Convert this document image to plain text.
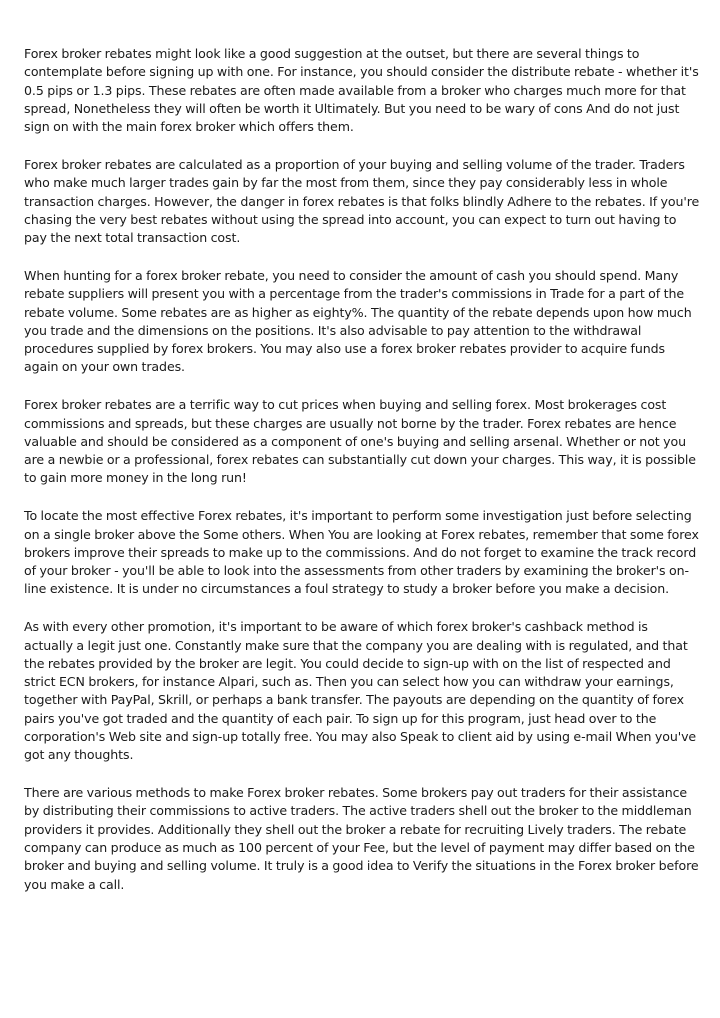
Forex broker rebates might look like a good suggestion at the outset, but there are several things to contemplate before signing up with one. For instance, you should consider the distribute rebate - whether it's 0.5 pips or 1.3 pips. These rebates are often made available from a broker who charges much more for that spread, Nonetheless they will often be worth it Ultimately. But you need to be wary of cons And do not just sign on with the main forex broker which offers them.

Forex broker rebates are calculated as a proportion of your buying and selling volume of the trader. Traders who make much larger trades gain by far the most from them, since they pay considerably less in whole transaction charges. However, the danger in forex rebates is that folks blindly Adhere to the rebates. If you're chasing the very best rebates without using the spread into account, you can expect to turn out having to pay the next total transaction cost.

When hunting for a forex broker rebate, you need to consider the amount of cash you should spend. Many rebate suppliers will present you with a percentage from the trader's commissions in Trade for a part of the rebate volume. Some rebates are as higher as eighty%. The quantity of the rebate depends upon how much you trade and the dimensions on the positions. It's also advisable to pay attention to the withdrawal procedures supplied by forex brokers. You may also use a forex broker rebates provider to acquire funds again on your own trades.

Forex broker rebates are a terrific way to cut prices when buying and selling forex. Most brokerages cost commissions and spreads, but these charges are usually not borne by the trader. Forex rebates are hence valuable and should be considered as a component of one's buying and selling arsenal. Whether or not you are a newbie or a professional, forex rebates can substantially cut down your charges. This way, it is possible to gain more money in the long run!

To locate the most effective Forex rebates, it's important to perform some investigation just before selecting on a single broker above the Some others. When You are looking at Forex rebates, remember that some forex brokers improve their spreads to make up to the commissions. And do not forget to examine the track record of your broker - you'll be able to look into the assessments from other traders by examining the broker's on-line existence. It is under no circumstances a foul strategy to study a broker before you make a decision.

As with every other promotion, it's important to be aware of which forex broker's cashback method is actually a legit just one. Constantly make sure that the company you are dealing with is regulated, and that the rebates provided by the broker are legit. You could decide to sign-up with on the list of respected and strict ECN brokers, for instance Alpari, such as. Then you can select how you can withdraw your earnings, together with PayPal, Skrill, or perhaps a bank transfer. The payouts are depending on the quantity of forex pairs you've got traded and the quantity of each pair. To sign up for this program, just head over to the corporation's Web site and sign-up totally free. You may also Speak to client aid by using e-mail When you've got any thoughts.

There are various methods to make Forex broker rebates. Some brokers pay out traders for their assistance by distributing their commissions to active traders. The active traders shell out the broker to the middleman providers it provides. Additionally they shell out the broker a rebate for recruiting Lively traders. The rebate company can produce as much as 100 percent of your Fee, but the level of payment may differ based on the broker and buying and selling volume. It truly is a good idea to Verify the situations in the Forex broker before you make a call.
